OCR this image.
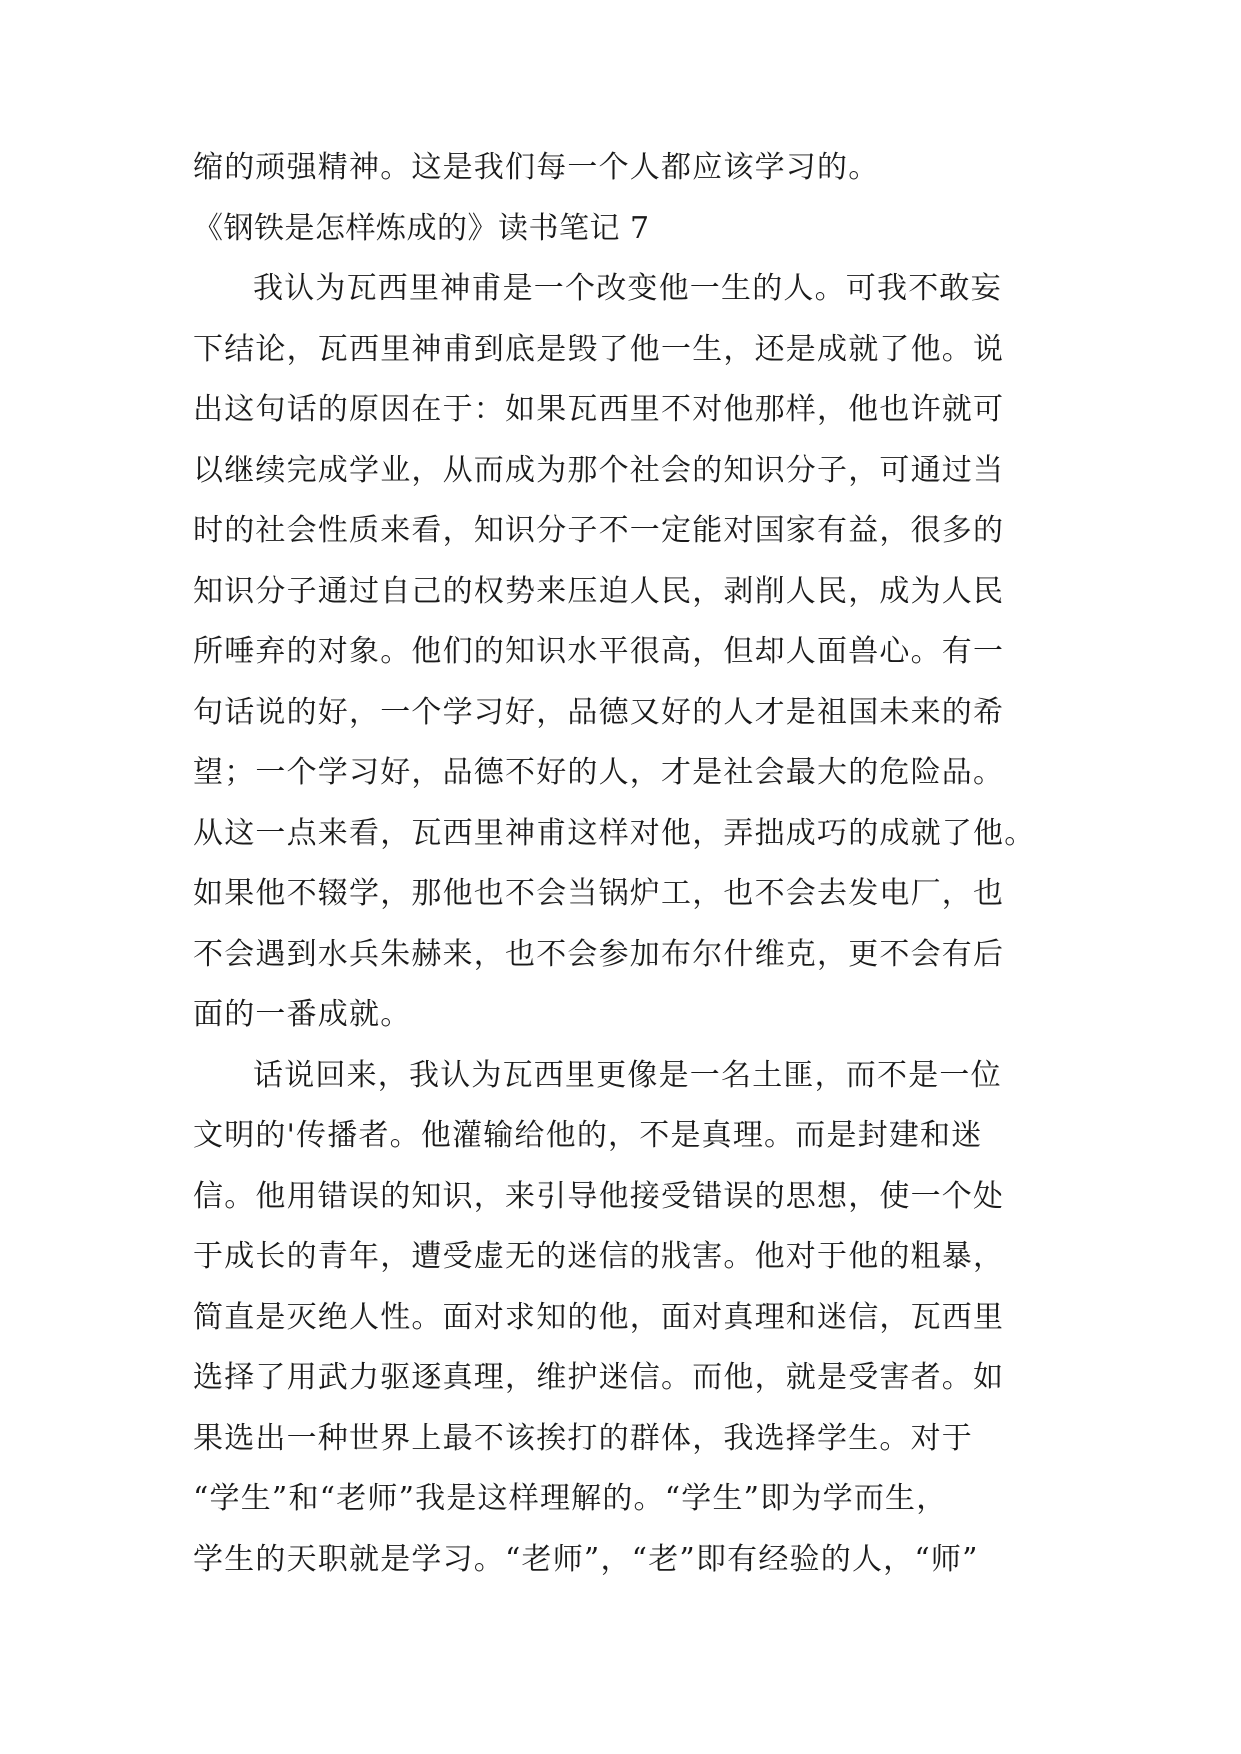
缩的顽强精神。这是我们每一个人都应该学习的。
《钢铁是怎样炼成的》读书笔记 7
我认为瓦西里神甫是一个改变他一生的人。可我不敢妄
下结论，瓦西里神甫到底是毁了他一生，还是成就了他。说
出这句话的原因在于：如果瓦西里不对他那样，他也许就可
以继续完成学业，从而成为那个社会的知识分子，可通过当
时的社会性质来看，知识分子不一定能对国家有益，很多的
知识分子通过自己的权势来压迫人民，剥削人民，成为人民
所唾弃的对象。他们的知识水平很高，但却人面兽心。有一
句话说的好，一个学习好，品德又好的人才是祖国未来的希
望；一个学习好，品德不好的人，才是社会最大的危险品。
从这一点来看，瓦西里神甫这样对他，弄拙成巧的成就了他。
如果他不辍学，那他也不会当锅炉工，也不会去发电厂，也
不会遇到水兵朱赫来，也不会参加布尔什维克，更不会有后
面的一番成就。
话说回来，我认为瓦西里更像是一名土匪，而不是一位
文明的'传播者。他灌输给他的，不是真理。而是封建和迷
信。他用错误的知识，来引导他接受错误的思想，使一个处
于成长的青年，遭受虚无的迷信的戕害。他对于他的粗暴，
简直是灭绝人性。面对求知的他，面对真理和迷信，瓦西里
选择了用武力驱逐真理，维护迷信。而他，就是受害者。如
果选出一种世界上最不该挨打的群体，我选择学生。对于
“学生”和“老师”我是这样理解的。“学生”即为学而生，
学生的天职就是学习。“老师”，“老”即有经验的人，“师”
